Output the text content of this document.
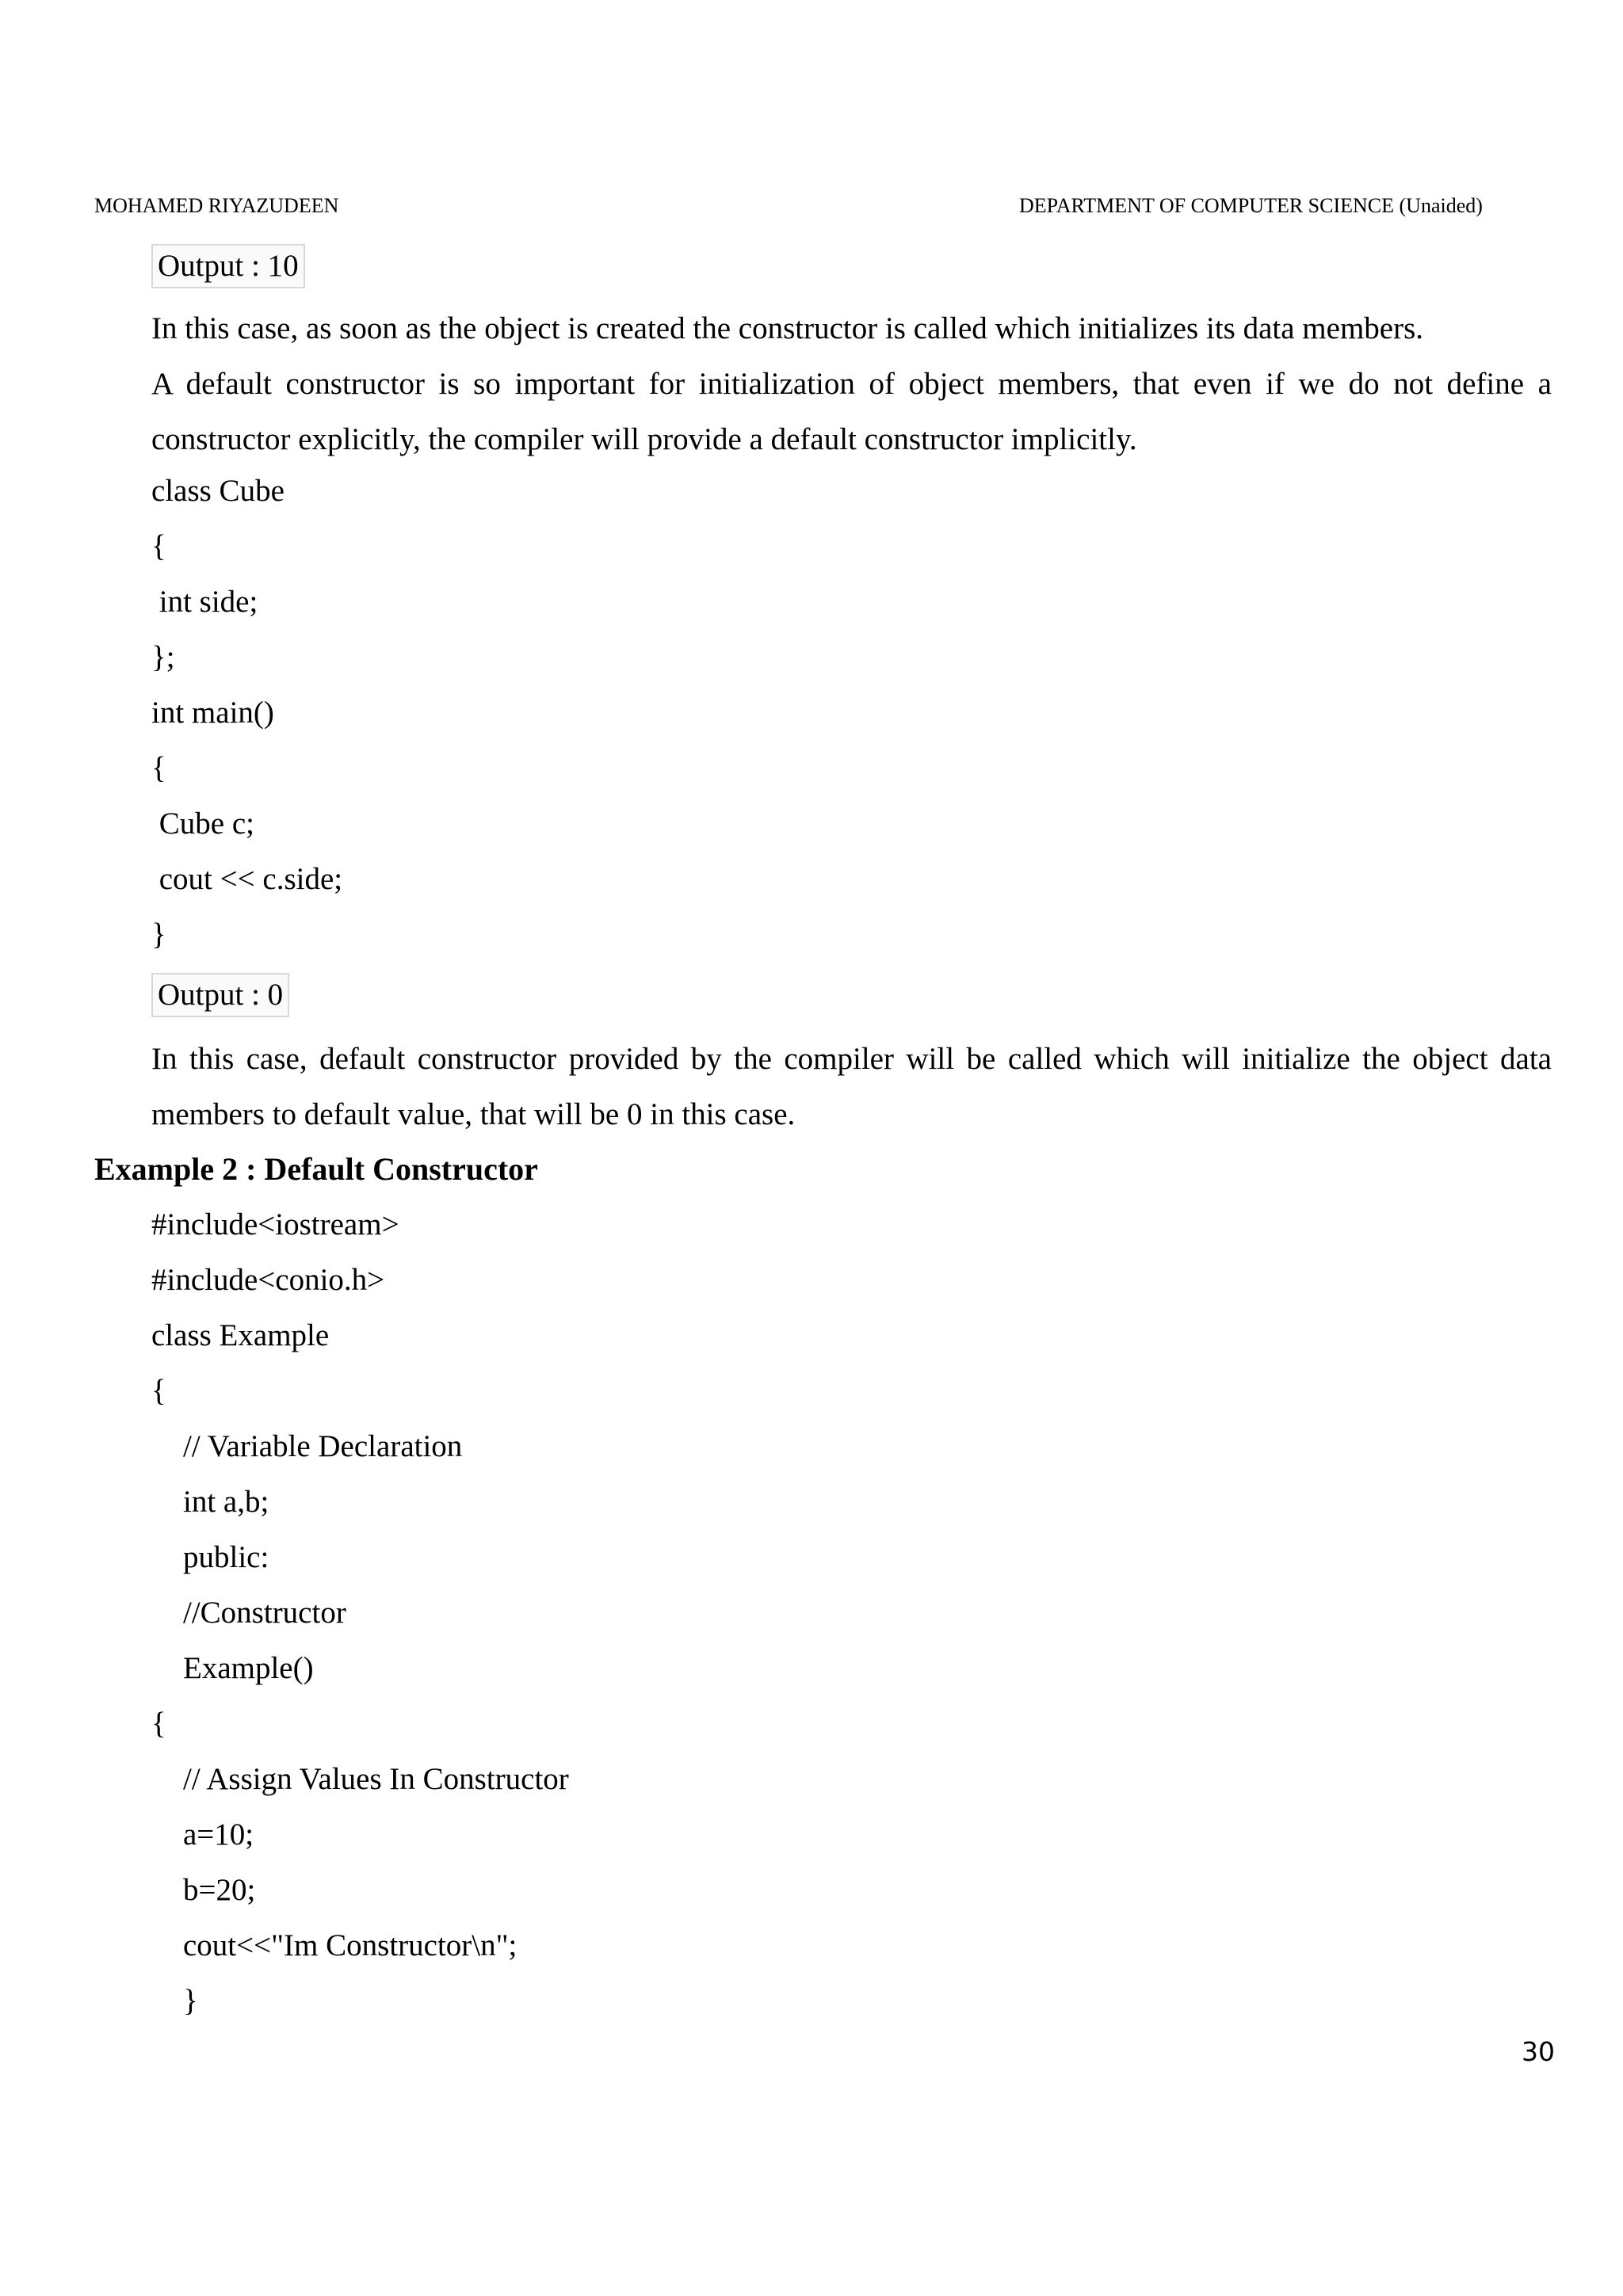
MOHAMED RIYAZUDEEN	DEPARTMENT OF COMPUTER SCIENCE (Unaided)
Output : 10
In this case, as soon as the object is created the constructor is called which initializes its data members.
A default constructor is so important for initialization of object members, that even if we do not define a constructor explicitly, the compiler will provide a default constructor implicitly.
class Cube
{
int side;
};
int main()
{
Cube c;
cout << c.side;
}
Output : 0
In this case, default constructor provided by the compiler will be called which will initialize the object data members to default value, that will be 0 in this case.
Example 2 : Default Constructor
#include<iostream>
#include<conio.h>
class Example
{
// Variable Declaration
int a,b;
public:
//Constructor
Example()
{
// Assign Values In Constructor
a=10;
b=20;
cout<<"Im Constructor\n";
}
30
